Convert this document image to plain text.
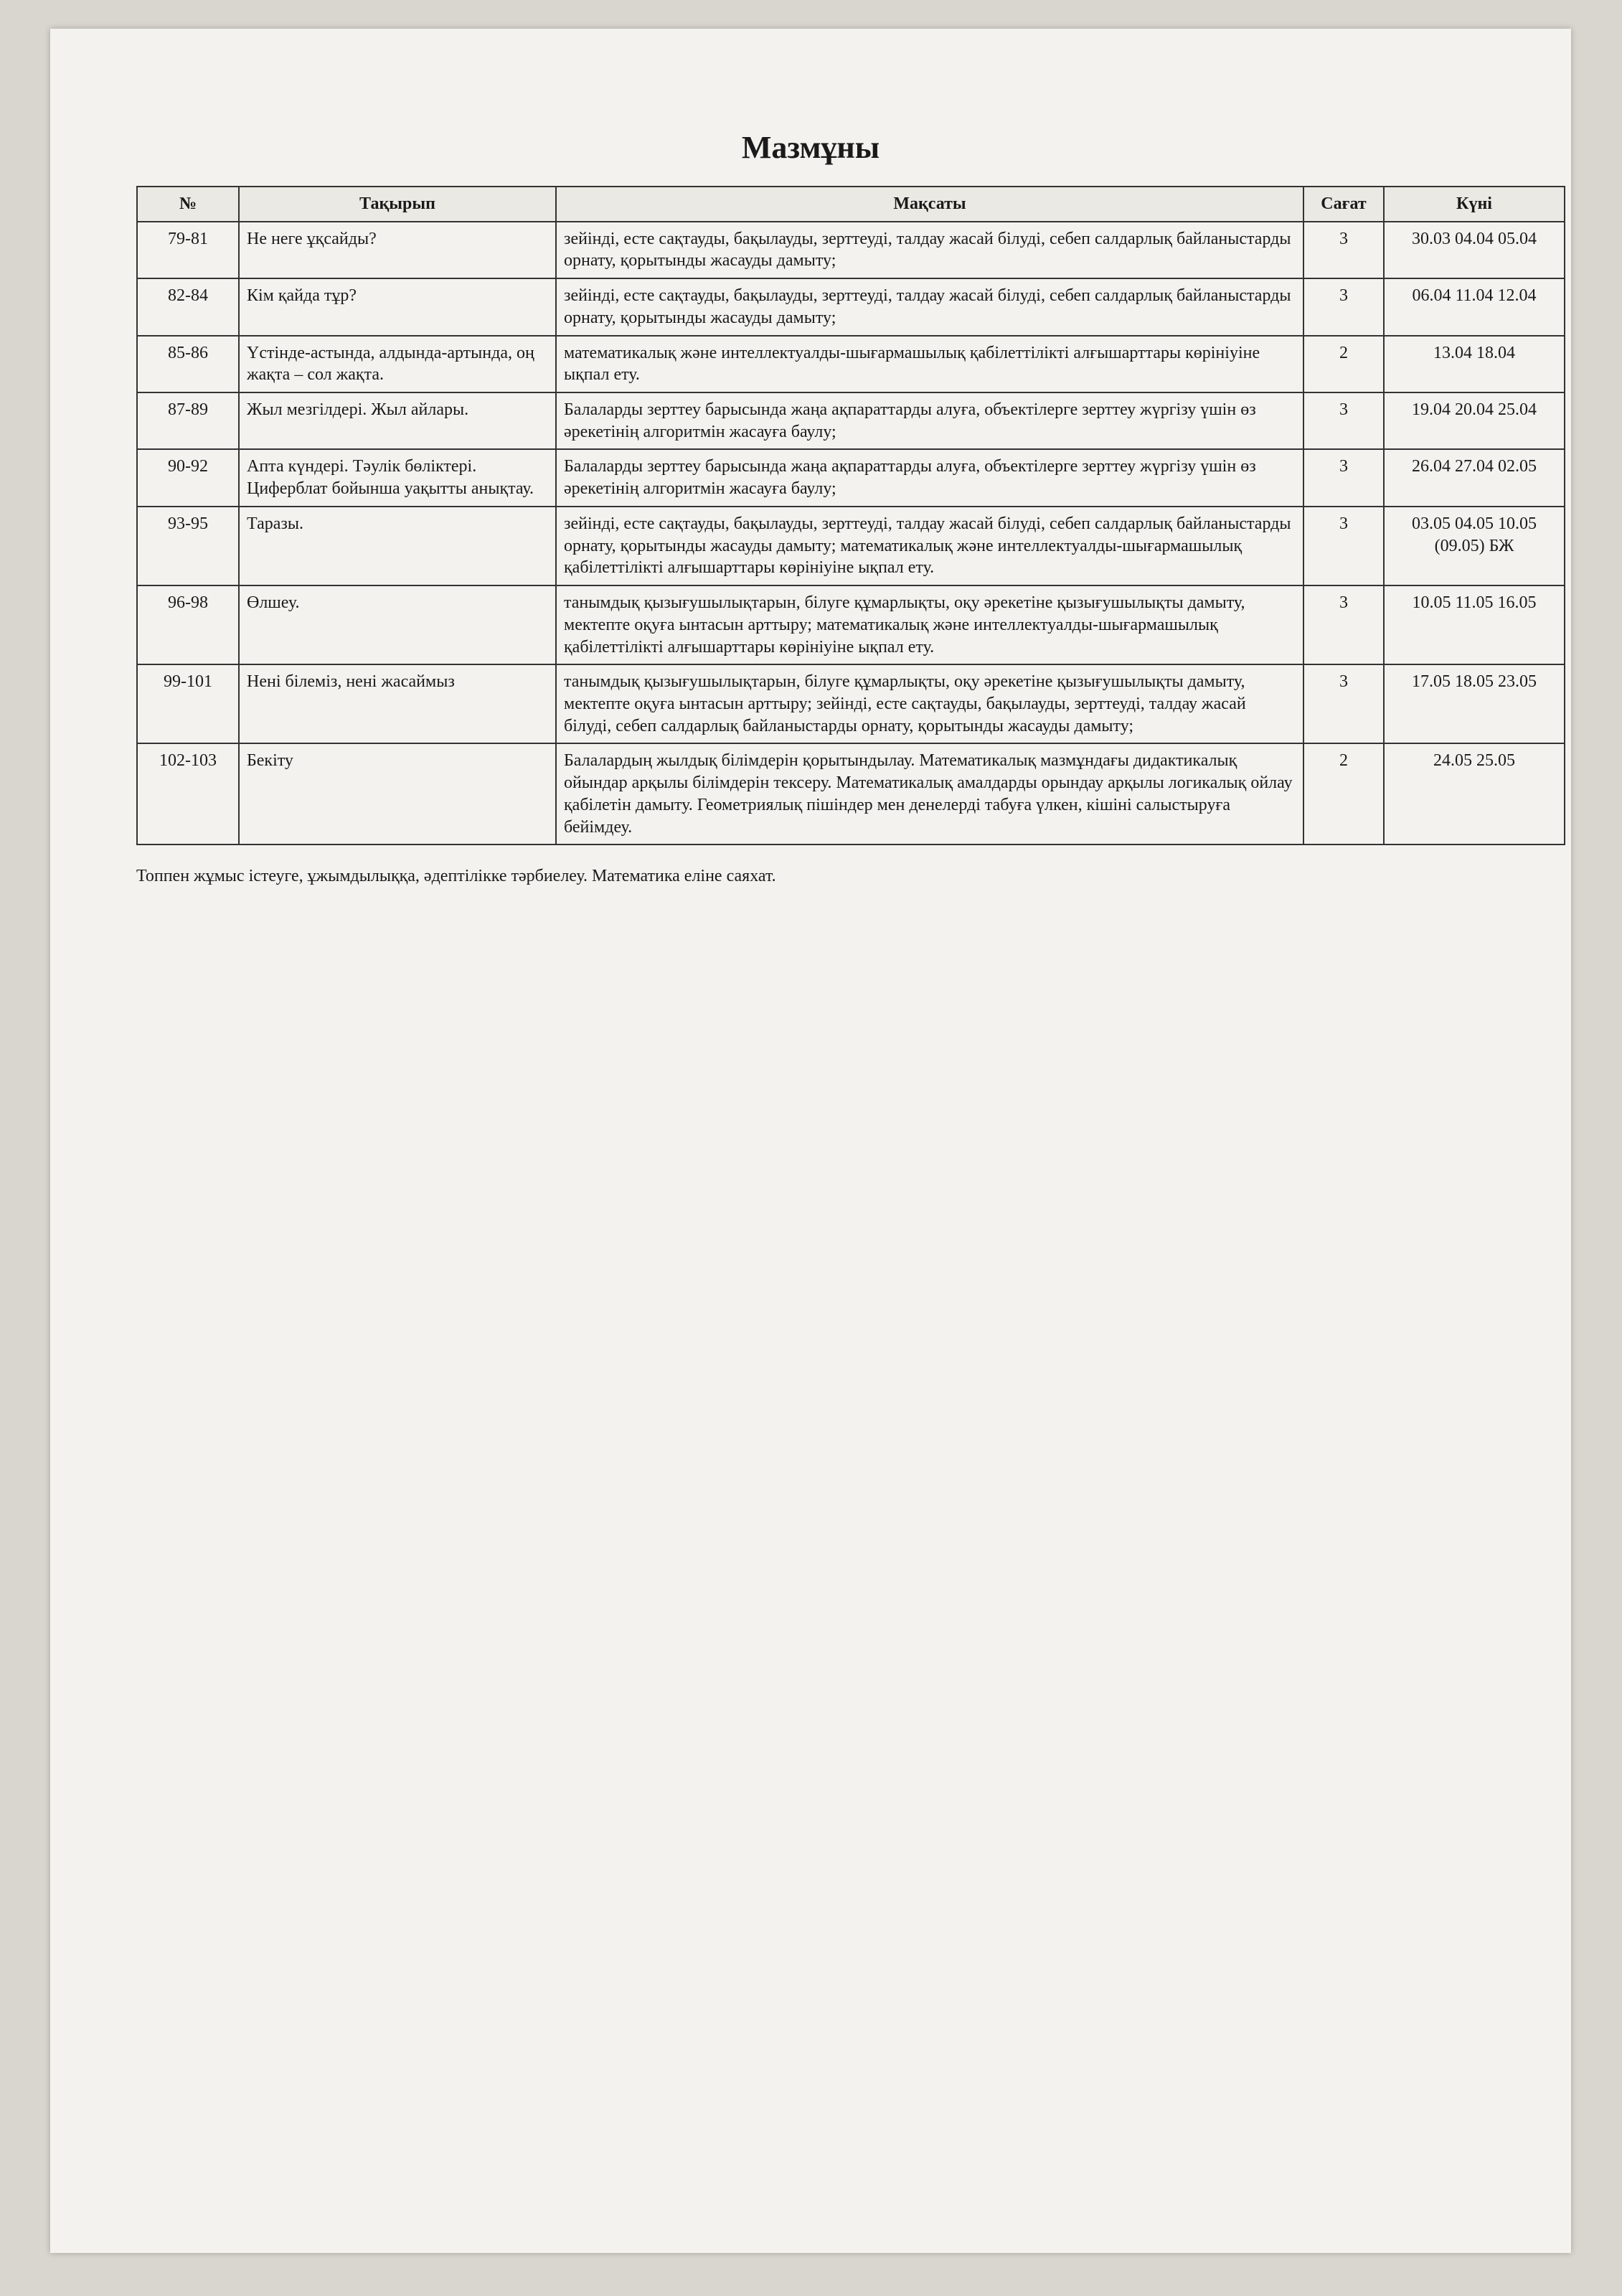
Мазмұны
№	Тақырып	Мақсаты	Сағат	Күні
79-81	Не неге ұқсайды?	зейінді, есте сақтауды, бақылауды, зерттеуді, талдау жасай білуді, себеп салдарлық байланыстарды орнату, қорытынды жасауды дамыту;	3	30.03 04.04 05.04
82-84	Кім қайда тұр?	зейінді, есте сақтауды, бақылауды, зерттеуді, талдау жасай білуді, себеп салдарлық байланыстарды орнату, қорытынды жасауды дамыту;	3	06.04 11.04 12.04
85-86	Үстінде-астында, алдында-артында, оң жақта – сол жақта.	математикалық және интеллектуалды-шығармашылық қабілеттілікті алғышарттары көрініуіне ықпал ету.	2	13.04 18.04
87-89	Жыл мезгілдері. Жыл айлары.	Балаларды зерттеу барысында жаңа ақпараттарды алуға, объектілерге зерттеу жүргізу үшін өз әрекетінің алгоритмін жасауға баулу;	3	19.04 20.04 25.04
90-92	Апта күндері. Тәулік бөліктері. Циферблат бойынша уақытты анықтау.	Балаларды зерттеу барысында жаңа ақпараттарды алуға, объектілерге зерттеу жүргізу үшін өз әрекетінің алгоритмін жасауға баулу;	3	26.04 27.04 02.05
93-95	Таразы.	зейінді, есте сақтауды, бақылауды, зерттеуді, талдау жасай білуді, себеп салдарлық байланыстарды орнату, қорытынды жасауды дамыту; математикалық және интеллектуалды-шығармашылық қабілеттілікті алғышарттары көрініуіне ықпал ету.	3	03.05 04.05 10.05 (09.05) БЖ
96-98	Өлшеу.	танымдық қызығушылықтарын, білуге құмарлықты, оқу әрекетіне қызығушылықты дамыту, мектепте оқуға ынтасын арттыру; математикалық және интеллектуалды-шығармашылық қабілеттілікті алғышарттары көрініуіне ықпал ету.	3	10.05 11.05 16.05
99-101	Нені білеміз, нені жасаймыз	танымдық қызығушылықтарын, білуге құмарлықты, оқу әрекетіне қызығушылықты дамыту, мектепте оқуға ынтасын арттыру; зейінді, есте сақтауды, бақылауды, зерттеуді, талдау жасай білуді, себеп салдарлық байланыстарды орнату, қорытынды жасауды дамыту;	3	17.05 18.05 23.05
102-103	Бекіту	Балалардың жылдық білімдерін қорытындылау. Математикалық мазмұндағы дидактикалық ойындар арқылы білімдерін тексеру. Математикалық амалдарды орындау арқылы логикалық ойлау қабілетін дамыту. Геометриялық пішіндер мен денелерді табуға үлкен, кішіні салыстыруға бейімдеу.	2	24.05 25.05
Топпен жұмыс істеуге, ұжымдылыққа, әдептілікке тәрбиелеу. Математика еліне саяхат.
